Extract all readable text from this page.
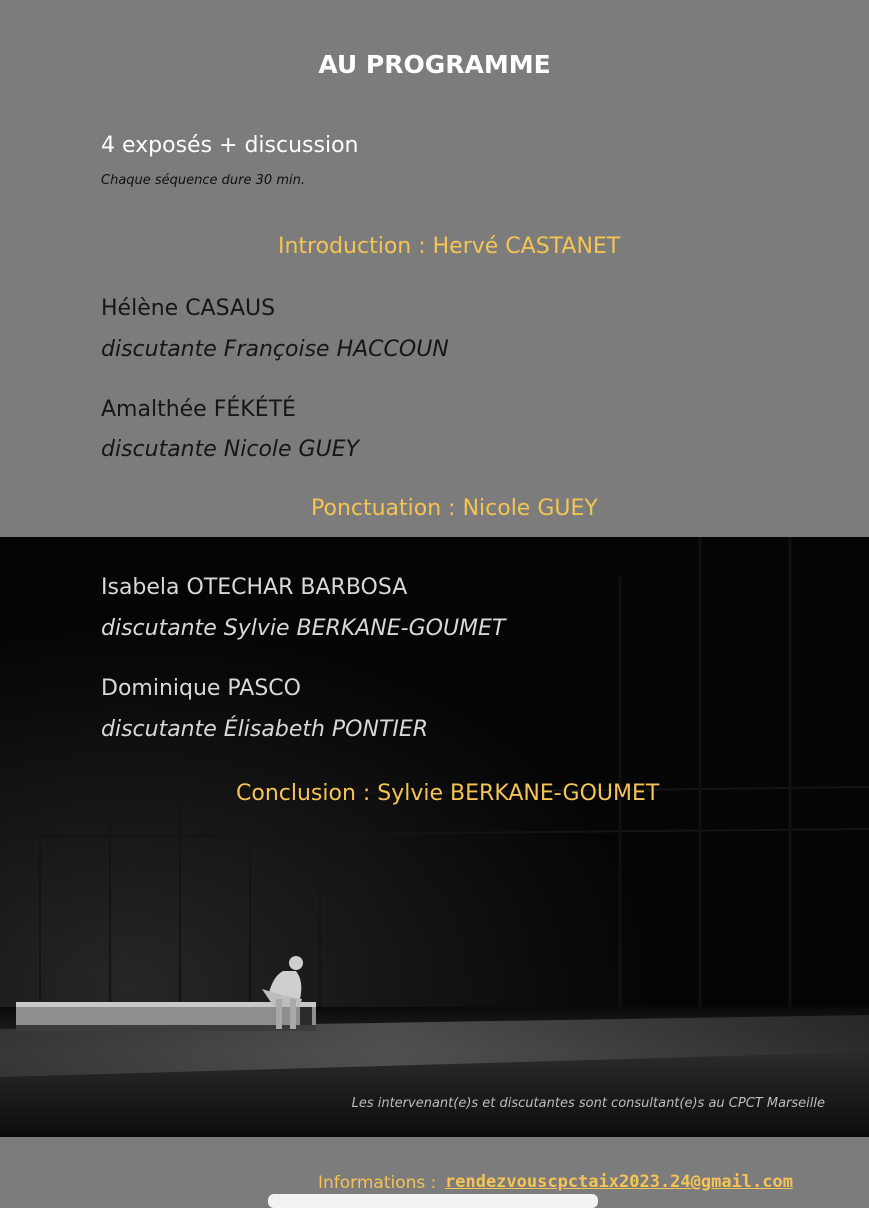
AU PROGRAMME
4 exposés + discussion
Chaque séquence dure 30 min.
Introduction : Hervé CASTANET
Hélène CASAUS
discutante Françoise HACCOUN
Amalthée FÉKÉTÉ
discutante Nicole GUEY
Ponctuation : Nicole GUEY
Isabela OTECHAR BARBOSA
discutante Sylvie BERKANE-GOUMET
Dominique PASCO
discutante Élisabeth PONTIER
Conclusion : Sylvie BERKANE-GOUMET
Les intervenant(e)s et discutantes sont consultant(e)s au CPCT Marseille
Informations : rendezvouscpctaix2023.24@gmail.com
